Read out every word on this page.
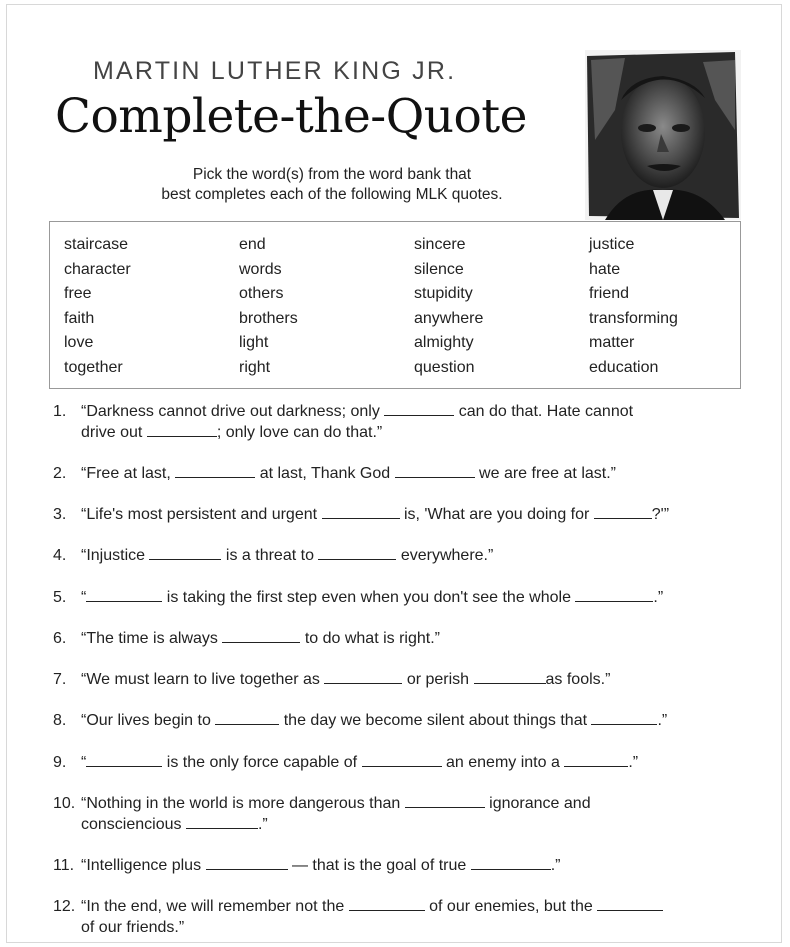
MARTIN LUTHER KING JR.
Complete-the-Quote
Pick the word(s) from the word bank that
best completes each of the following MLK quotes.
staircase	end	sincere	justice
character	words	silence	hate
free	others	stupidity	friend
faith	brothers	anywhere	transforming
love	light	almighty	matter
together	right	question	education
1. “Darkness cannot drive out darkness; only	can do that. Hate cannot
drive out	; only love can do that.”
2. “Free at last,	at last, Thank God	we are free at last.”
3. “Life's most persistent and urgent	is, 'What are you doing for	?'”
4. “Injustice	is a threat to	everywhere.”
5. “	is taking the first step even when you don't see the whole	.”
6. “The time is always	to do what is right.”
7. “We must learn to live together as	or perish	as fools.”
8. “Our lives begin to	the day we become silent about things that	.”
9. “	is the only force capable of	an enemy into a	.”
10. “Nothing in the world is more dangerous than	ignorance and
consciencious	.”
11. “Intelligence plus	— that is the goal of true	.”
12. “In the end, we will remember not the	of our enemies, but the
of our friends.”
